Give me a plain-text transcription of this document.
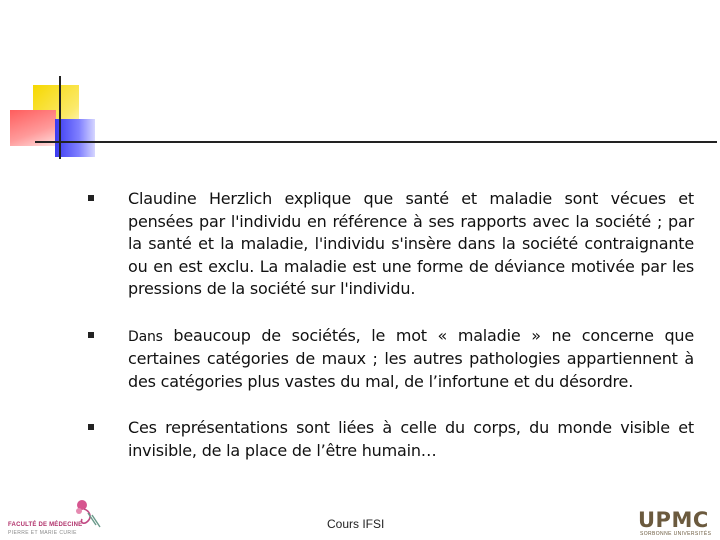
Claudine Herzlich explique que santé et maladie sont vécues et pensées par l'individu en référence à ses rapports avec la société ; par la santé et la maladie, l'individu s'insère dans la société contraignante ou en est exclu. La maladie est une forme de déviance motivée par les pressions de la société sur l'individu.
Dans beaucoup de sociétés, le mot « maladie » ne concerne que certaines catégories de maux ; les autres pathologies appartiennent à des catégories plus vastes du mal, de l’infortune et du désordre.
Ces représentations sont liées à celle du corps, du monde visible et invisible, de la place de l’être humain…
FACULTÉ DE MÉDECINE
PIERRE ET MARIE CURIE
Cours IFSI	UPMC
SORBONNE UNIVERSITÉS
